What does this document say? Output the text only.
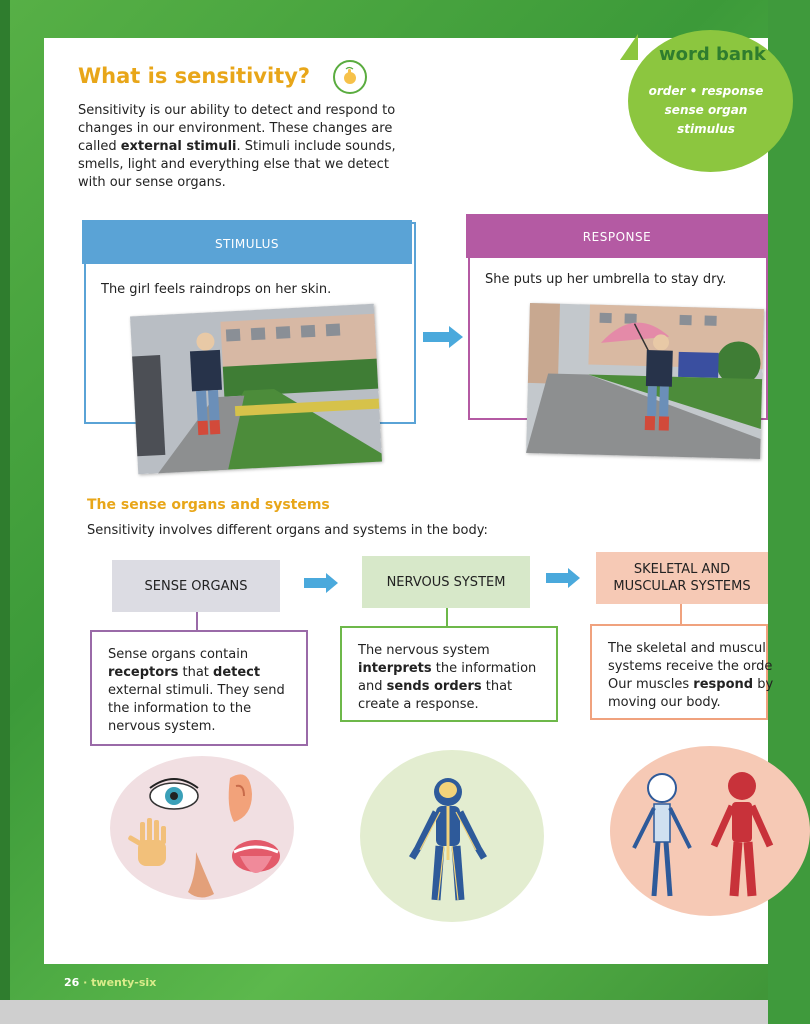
What is sensitivity?
Sensitivity is our ability to detect and respond to changes in our environment. These changes are called external stimuli. Stimuli include sounds, smells, light and everything else that we detect with our sense organs.
word bank
order • response
sense organ
stimulus
STIMULUS
The girl feels raindrops on her skin.
RESPONSE
She puts up her umbrella to stay dry.
The sense organs and systems
Sensitivity involves different organs and systems in the body:
SENSE ORGANS	NERVOUS SYSTEM
SKELETAL AND
MUSCULAR SYSTEMS
Sense organs contain receptors that detect external stimuli. They send the information to the nervous system.
The nervous system interprets the information and sends orders that create a response.
The skeletal and muscul
systems receive the orde
Our muscles respond by
moving our body.
26 · twenty-six
